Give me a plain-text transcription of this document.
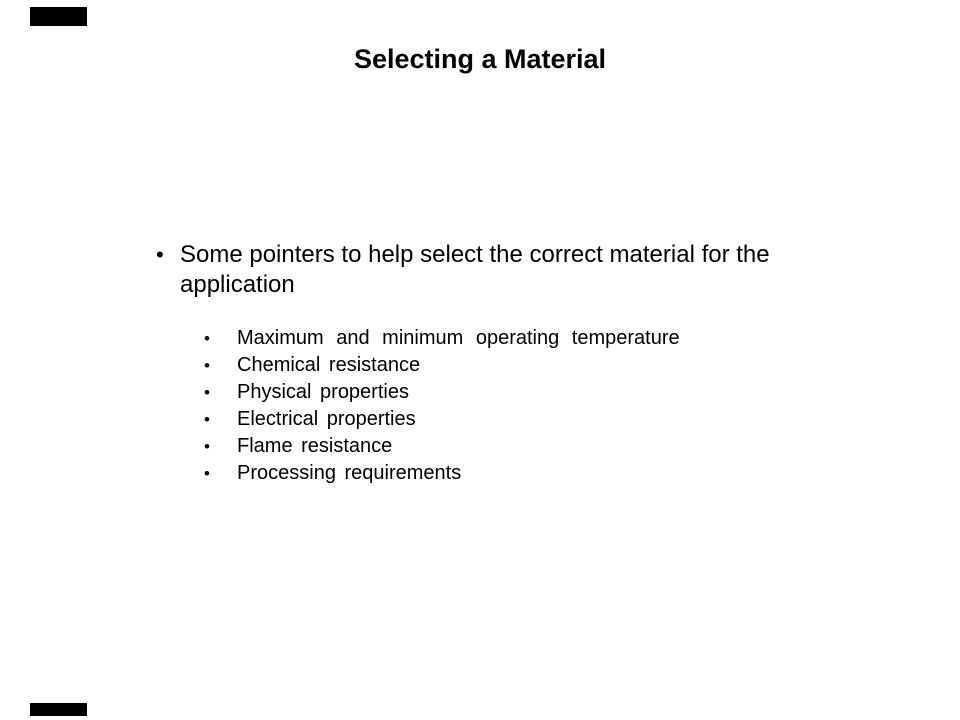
Selecting a Material
• Some pointers to help select the correct material for the application
• Maximum and minimum operating temperature
• Chemical resistance
• Physical properties
• Electrical properties
• Flame resistance
• Processing requirements
